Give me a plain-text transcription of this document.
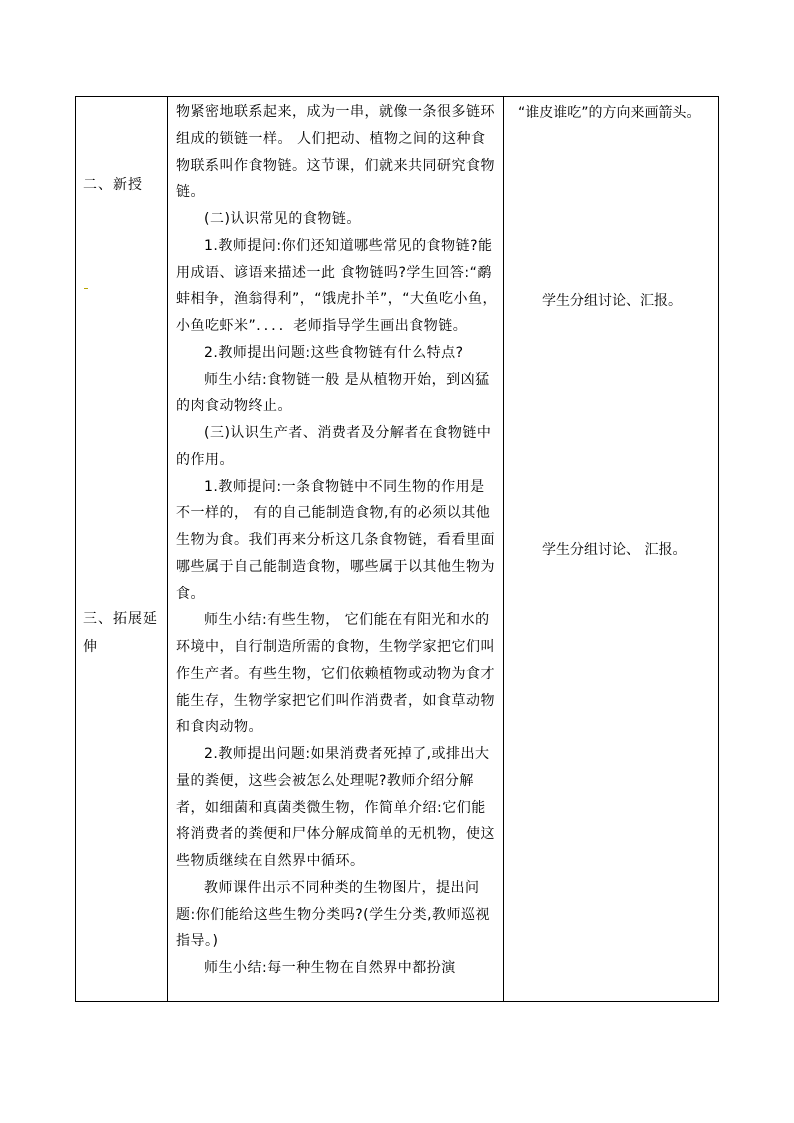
二、新授
三、拓展延伸

物紧密地联系起来，成为一串，就像一条很多链环组成的锁链一样。 人们把动、植物之间的这种食物联系叫作食物链。这节课，们就来共同研究食物链。

(二)认识常见的食物链。

1.教师提问:你们还知道哪些常见的食物链?能用成语、谚语来描述一此 食物链吗?学生回答:“鹬蚌相争，渔翁得利”，“饿虎扑羊”，“大鱼吃小鱼，小鱼吃虾米”．．．．老师指导学生画出食物链。

2.教师提出问题:这些食物链有什么特点?

师生小结:食物链一般 是从植物开始，到凶猛的肉食动物终止。

(三)认识生产者、消费者及分解者在食物链中的作用。

1.教师提问:一条食物链中不同生物的作用是不一样的， 有的自己能制造食物,有的必须以其他生物为食。我们再来分析这几条食物链，看看里面哪些属于自己能制造食物，哪些属于以其他生物为食。

师生小结:有些生物， 它们能在有阳光和水的环境中，自行制造所需的食物，生物学家把它们叫作生产者。有些生物，它们依赖植物或动物为食才能生存，生物学家把它们叫作消费者，如食草动物和食肉动物。

2.教师提出问题:如果消费者死掉了,或排出大量的粪便，这些会被怎么处理呢?教师介绍分解者，如细菌和真菌类微生物，作简单介绍:它们能将消费者的粪便和尸体分解成简单的无机物，使这些物质继续在自然界中循环。

教师课件出示不同种类的生物图片，提出问题:你们能给这些生物分类吗?(学生分类,教师巡视指导。)

师生小结:每一种生物在自然界中都扮演

“谁皮谁吃”的方向来画箭头。
学生分组讨论、汇报。
学生分组讨论、 汇报。
